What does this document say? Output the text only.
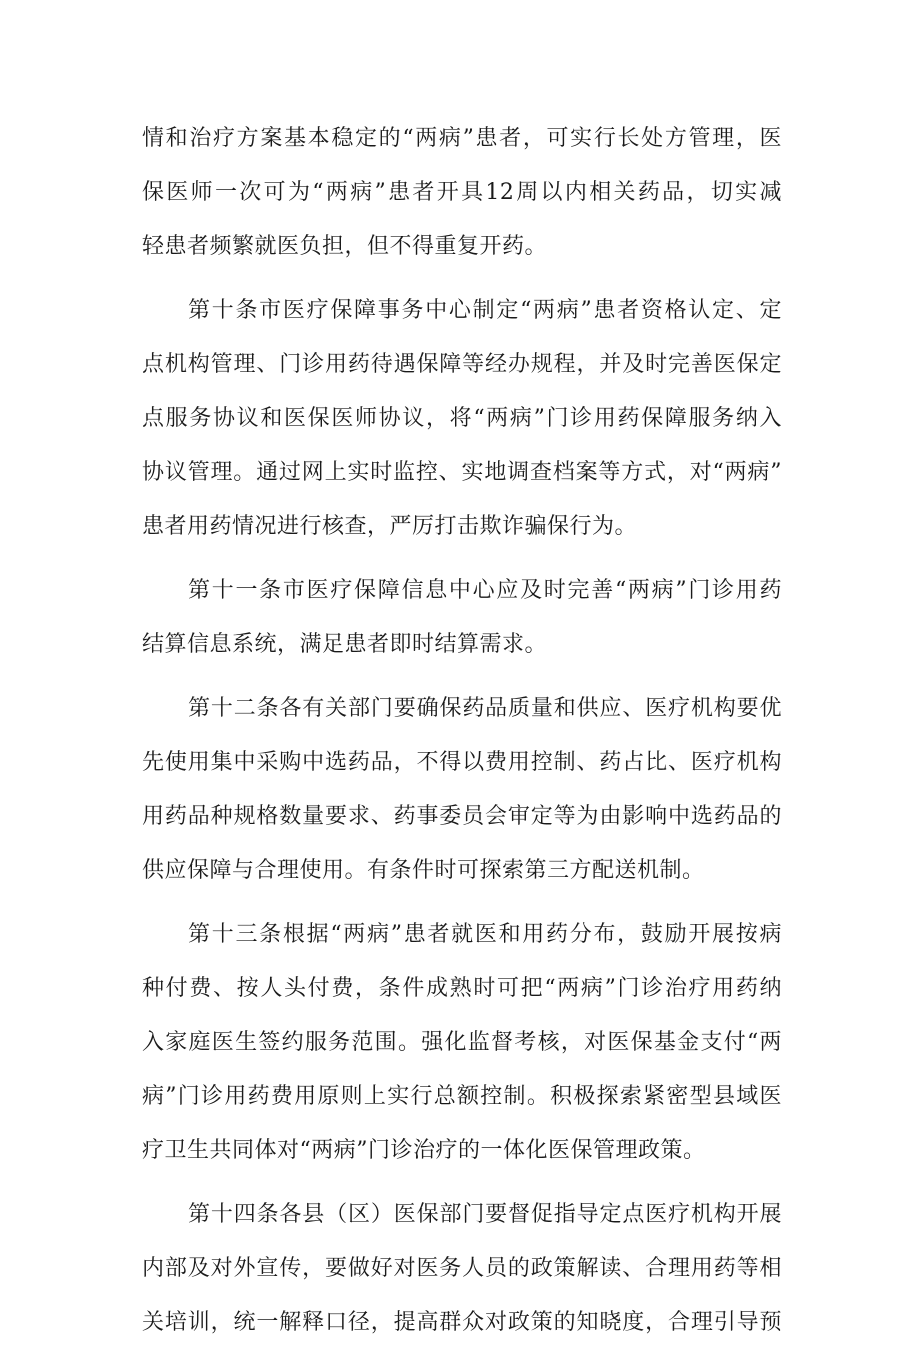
情和治疗方案基本稳定的“两病”患者，可实行长处方管理，医
保医师一次可为“两病”患者开具12周以内相关药品，切实减
轻患者频繁就医负担，但不得重复开药。
第十条市医疗保障事务中心制定“两病”患者资格认定、定
点机构管理、门诊用药待遇保障等经办规程，并及时完善医保定
点服务协议和医保医师协议，将“两病”门诊用药保障服务纳入
协议管理。通过网上实时监控、实地调查档案等方式，对“两病”
患者用药情况进行核查，严厉打击欺诈骗保行为。
第十一条市医疗保障信息中心应及时完善“两病”门诊用药
结算信息系统，满足患者即时结算需求。
第十二条各有关部门要确保药品质量和供应、医疗机构要优
先使用集中采购中选药品，不得以费用控制、药占比、医疗机构
用药品种规格数量要求、药事委员会审定等为由影响中选药品的
供应保障与合理使用。有条件时可探索第三方配送机制。
第十三条根据“两病”患者就医和用药分布，鼓励开展按病
种付费、按人头付费，条件成熟时可把“两病”门诊治疗用药纳
入家庭医生签约服务范围。强化监督考核，对医保基金支付“两
病”门诊用药费用原则上实行总额控制。积极探索紧密型县域医
疗卫生共同体对“两病”门诊治疗的一体化医保管理政策。
第十四条各县（区）医保部门要督促指导定点医疗机构开展
内部及对外宣传，要做好对医务人员的政策解读、合理用药等相
关培训，统一解释口径，提高群众对政策的知晓度，合理引导预
